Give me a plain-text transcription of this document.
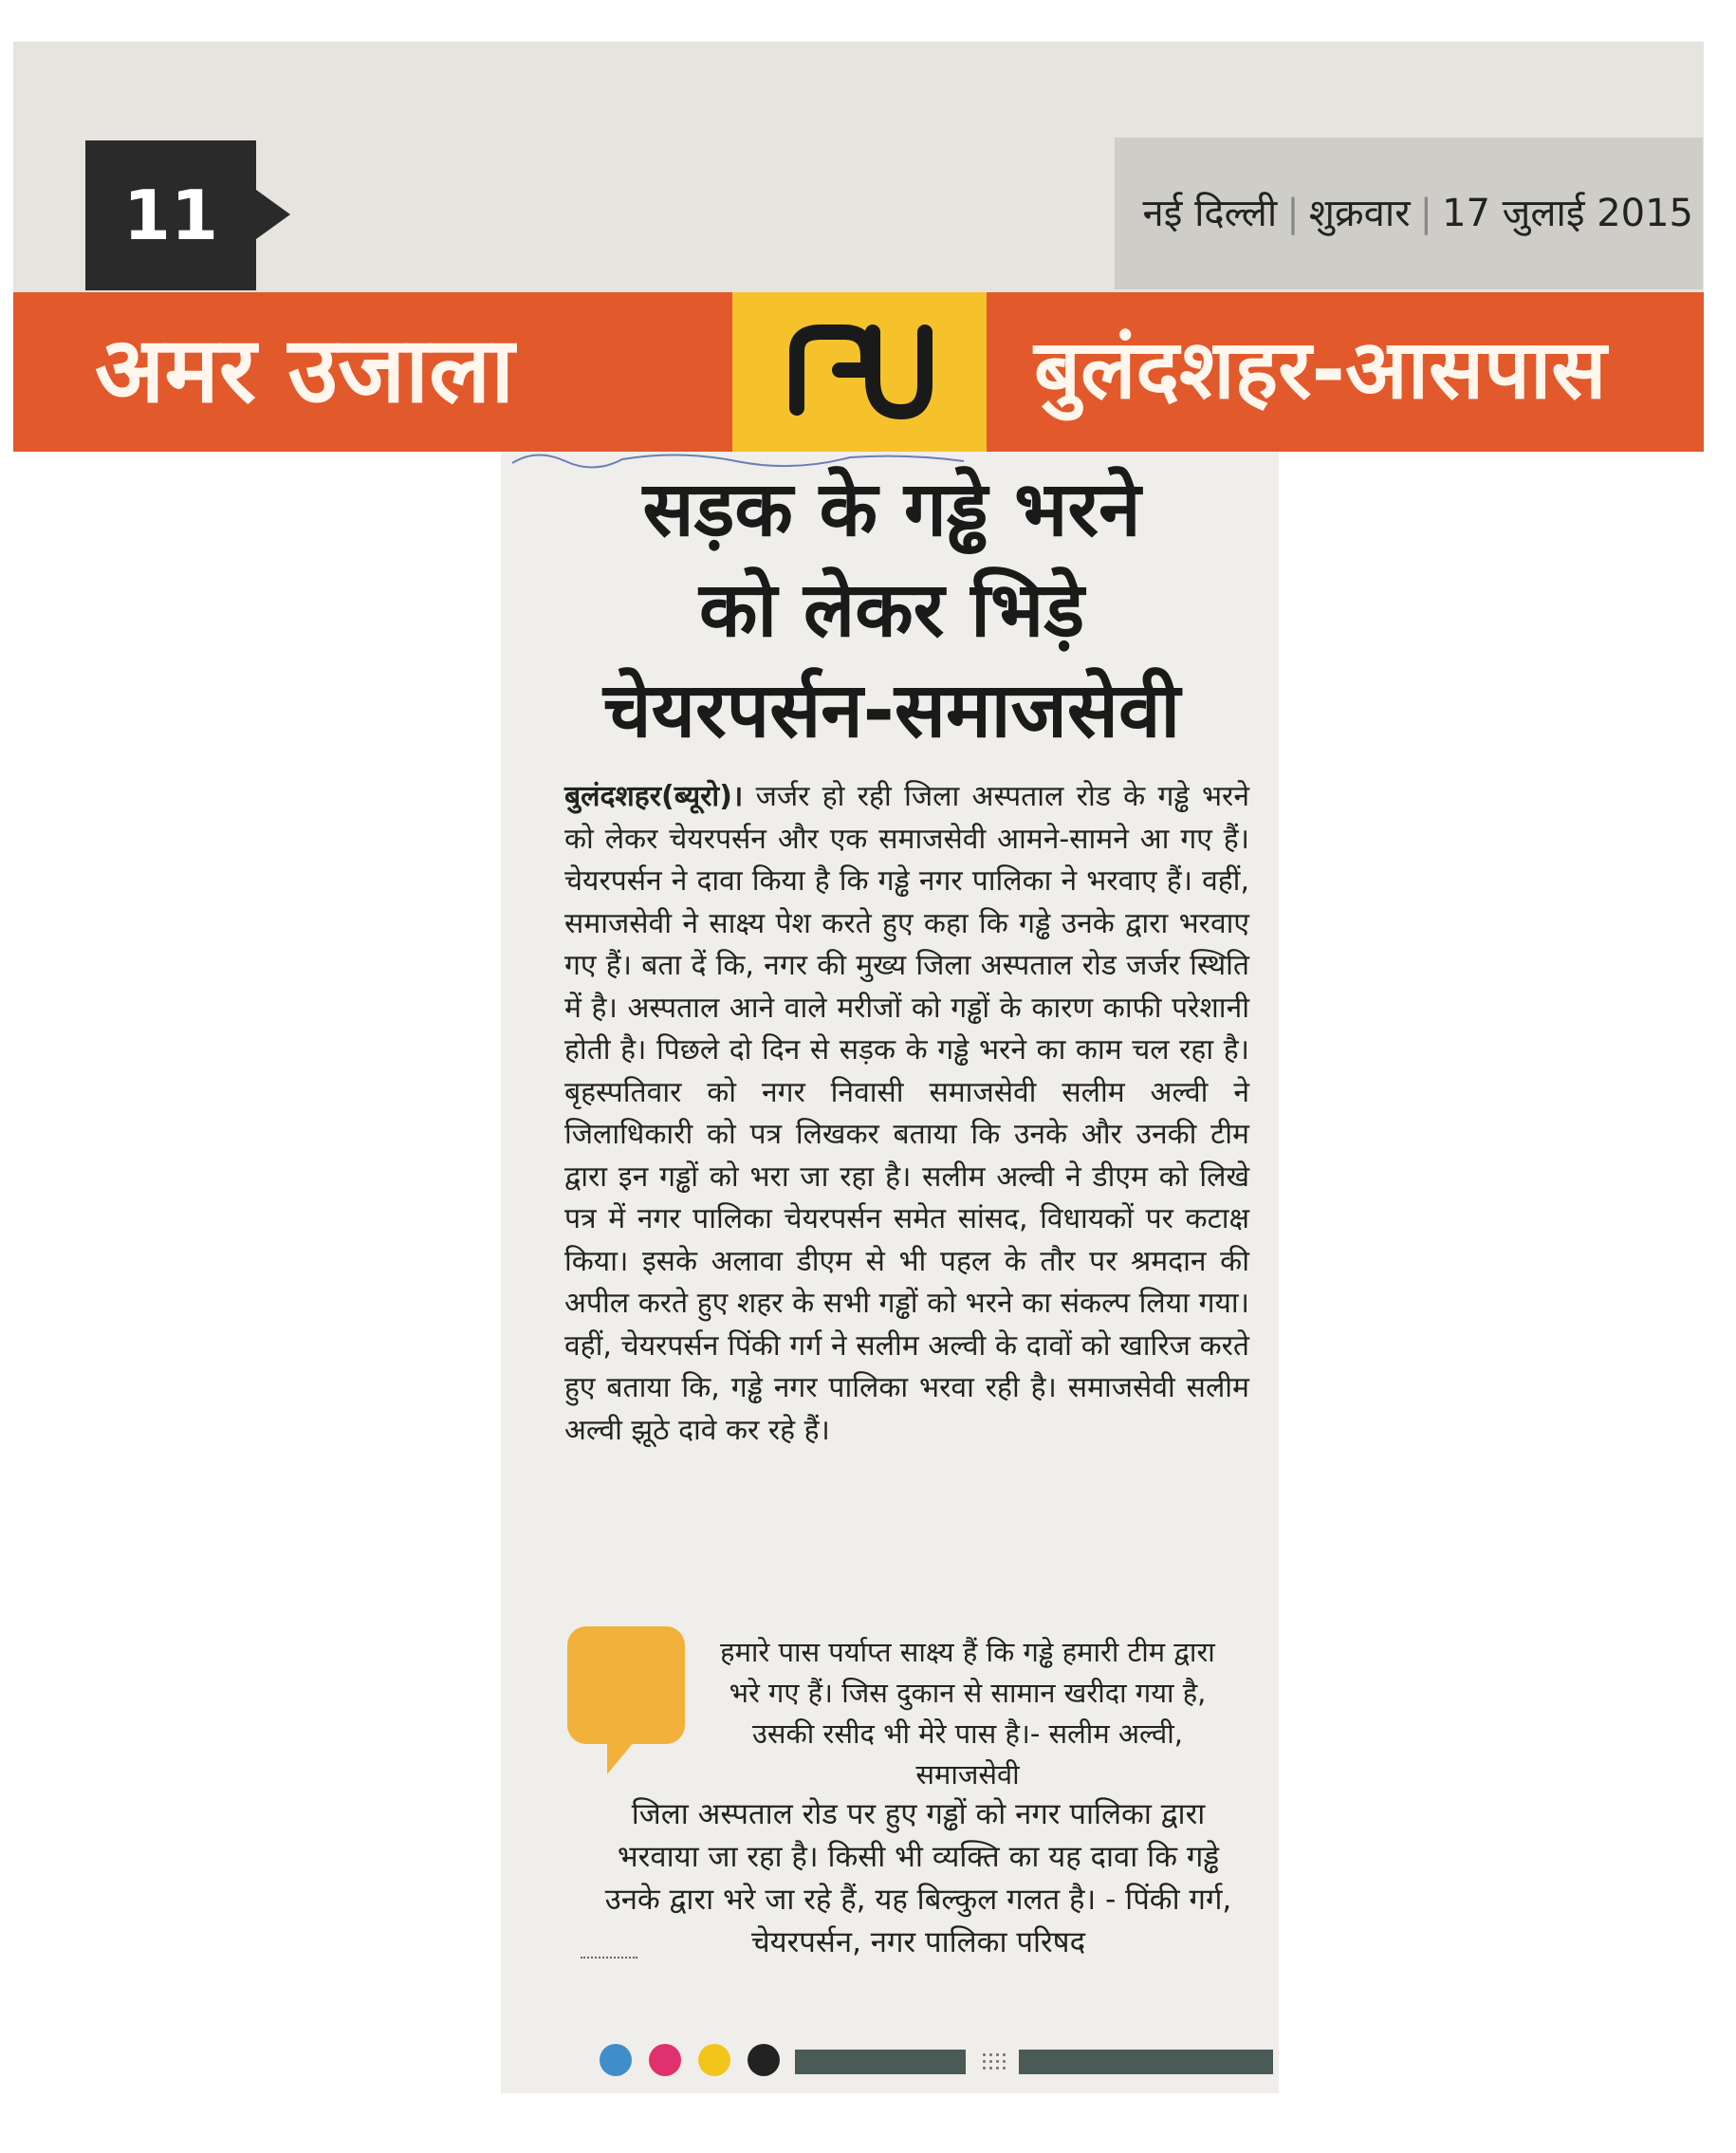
11	नई दिल्ली | शुक्रवार | 17 जुलाई 2015
अमर उजाला	बुलंदशहर-आसपास
सड़क के गड्ढे भरने
को लेकर भिड़े
चेयरपर्सन-समाजसेवी
बुलंदशहर(ब्यूरो)। जर्जर हो रही जिला अस्पताल रोड के गड्ढे भरने को लेकर चेयरपर्सन और एक समाजसेवी आमने-सामने आ गए हैं। चेयरपर्सन ने दावा किया है कि गड्ढे नगर पालिका ने भरवाए हैं। वहीं, समाजसेवी ने साक्ष्य पेश करते हुए कहा कि गड्ढे उनके द्वारा भरवाए गए हैं। बता दें कि, नगर की मुख्य जिला अस्पताल रोड जर्जर स्थिति में है। अस्पताल आने वाले मरीजों को गड्ढों के कारण काफी परेशानी होती है। पिछले दो दिन से सड़क के गड्ढे भरने का काम चल रहा है। बृहस्पतिवार को नगर निवासी समाजसेवी सलीम अल्वी ने जिलाधिकारी को पत्र लिखकर बताया कि उनके और उनकी टीम द्वारा इन गड्ढों को भरा जा रहा है। सलीम अल्वी ने डीएम को लिखे पत्र में नगर पालिका चेयरपर्सन समेत सांसद, विधायकों पर कटाक्ष किया। इसके अलावा डीएम से भी पहल के तौर पर श्रमदान की अपील करते हुए शहर के सभी गड्ढों को भरने का संकल्प लिया गया। वहीं, चेयरपर्सन पिंकी गर्ग ने सलीम अल्वी के दावों को खारिज करते हुए बताया कि, गड्ढे नगर पालिका भरवा रही है। समाजसेवी सलीम अल्वी झूठे दावे कर रहे हैं।
हमारे पास पर्याप्त साक्ष्य हैं कि गड्ढे हमारी टीम द्वारा भरे गए हैं। जिस दुकान से सामान खरीदा गया है, उसकी रसीद भी मेरे पास है।- सलीम अल्वी, समाजसेवी
जिला अस्पताल रोड पर हुए गड्ढों को नगर पालिका द्वारा भरवाया जा रहा है। किसी भी व्यक्ति का यह दावा कि गड्ढे उनके द्वारा भरे जा रहे हैं, यह बिल्कुल गलत है। - पिंकी गर्ग, चेयरपर्सन, नगर पालिका परिषद
